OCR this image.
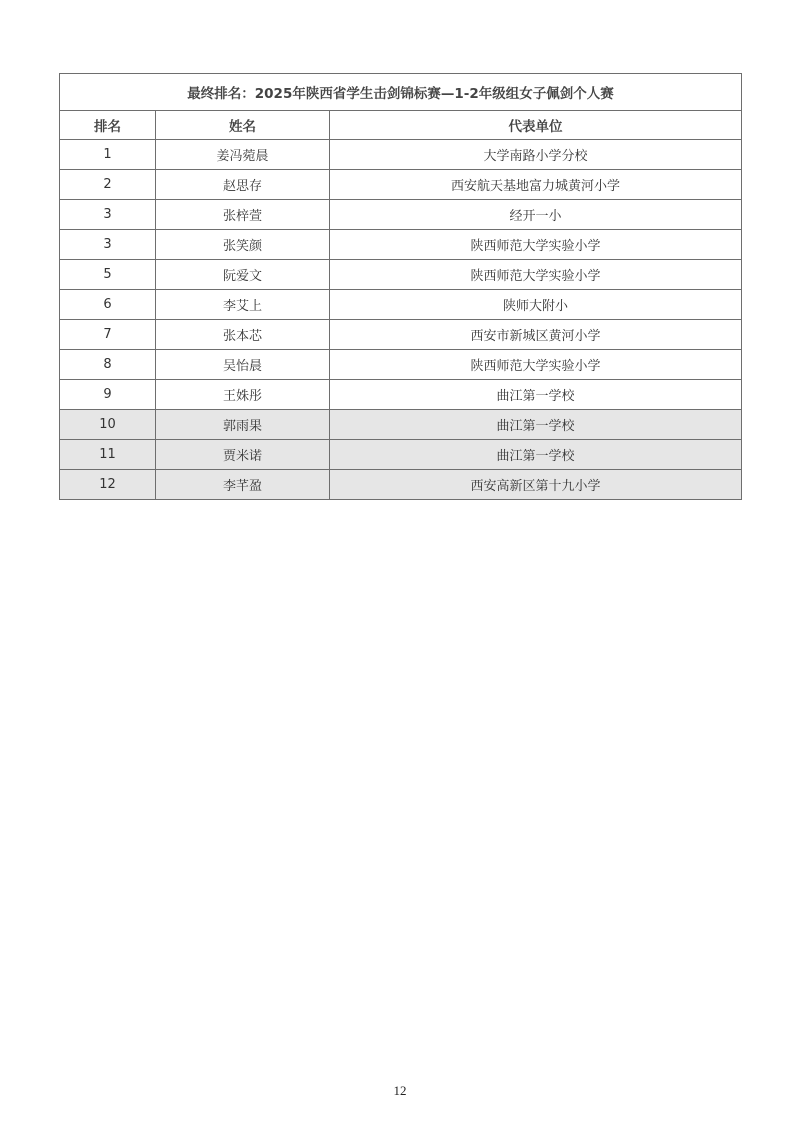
最终排名：2025年陕西省学生击剑锦标赛—1-2年级组女子佩剑个人赛		
排名	姓名	代表单位
1	姜冯菀晨	大学南路小学分校
2	赵思存	西安航天基地富力城黄河小学
3	张梓萱	经开一小
3	张笑颜	陕西师范大学实验小学
5	阮爱文	陕西师范大学实验小学
6	李艾上	陕师大附小
7	张本芯	西安市新城区黄河小学
8	吴怡晨	陕西师范大学实验小学
9	王姝彤	曲江第一学校
10	郭雨果	曲江第一学校
11	贾米诺	曲江第一学校
12	李芊盈	西安高新区第十九小学
12
